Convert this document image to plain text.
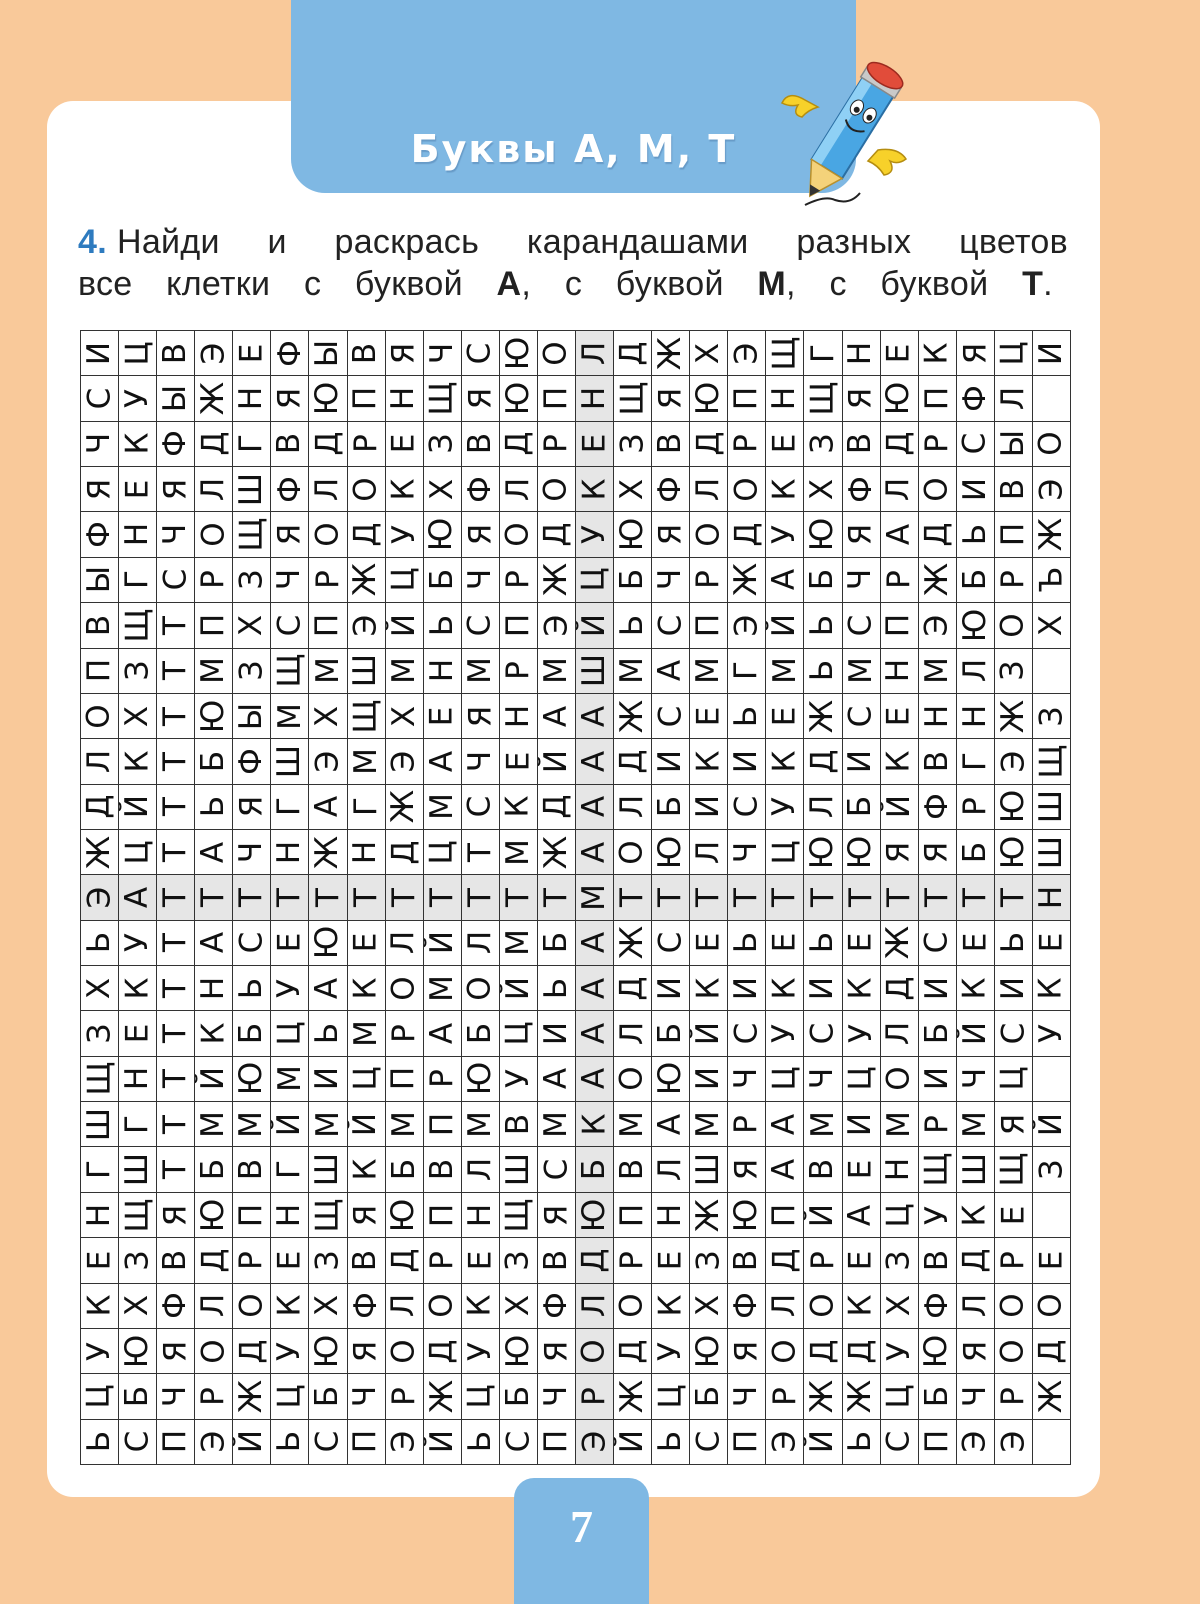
Буквы А, М, Т
4. Найди и раскрась карандашами разных цветов
все клетки с буквой А, с буквой М, с буквой Т.
И Ц В Э Е Ф Ы В Я Ч С Ю О Л Д Ж Х Э Щ Г Н Е К Я Ц И
С У Ы Ж Н Я Ю П Н Щ Я Ю П Н Щ Я Ю П Н Щ Я Ю П Ф Л
Ч К Ф Д Г В Д Р Е З В Д Р Е З В Д Р Е З В Д Р С Ы О
Я Е Я Л Ш Ф Л О К Х Ф Л О К Х Ф Л О К Х Ф Л О И В Э
Ф Н Ч О Щ Я О Д У Ю Я О Д У Ю Я О Д У Ю Я А Д Ь П Ж
Ы Г С Р З Ч Р Ж Ц Б Ч Р Ж Ц Б Ч Р Ж А Б Ч Р Ж Б Р Ъ
В Щ Т П Х С П Э Й Ь С П Э Й Ь С П Э Й Ь С П Э Ю О Х
П З Т М З Щ М Ш М Н М Р М Ш М А М Г М Ь М Н М Л З
О Х Т Ю Ы М Х Щ Х Е Я Н А А Ж С Е Ь Е Ж С Е Н Н Ж З
Л К Т Б Ф Ш Э М Э А Ч Е Й А Д И К И К Д И К В Г Э Щ
Д Й Т Ь Я Г А Г Ж М С К Д А Л Б И С У Л Б Й Ф Р Ю Ш
Ж Ц Т А Ч Н Ж Н Д Ц Т М Ж А О Ю Л Ч Ц Ю Ю Я Я Б Ю Ш
Э А Т Т Т Т Т Т Т Т Т Т Т М Т Т Т Т Т Т Т Т Т Т Т Н
Ь У Т А С Е Ю Е Л Й Л М Б А Ж С Е Ь Е Ь Е Ж С Е Ь Е
Х К Т Н Ь У А К О М О Й Ь А Д И К И К И К Д И К И К
З Е Т К Б Ц Ь М Р А Б Ц И А Л Б Й С У С У Л Б Й С У
Щ Н Т Й Ю М И Ц П Р Ю У А А О Ю И Ч Ц Ч Ц О И Ч Ц
Ш Г Т М М Й М Й М П М В М К М А М Р А М И М Р М Я Й
Г Ш Т Б В Г Ш К Б В Л Ш С Б В Л Ш Я А В Е Н Щ Ш Щ З
Н Щ Я Ю П Н Щ Я Ю П Н Щ Я Ю П Н Ж Ю П Й А Ц У К Е
Е З В Д Р Е З В Д Р Е З В Д Р Е З В Д Р Е З В Д Р Е
К Х Ф Л О К Х Ф Л О К Х Ф Л О К Х Ф Л О К Х Ф Л О О
У Ю Я О Д У Ю Я О Д У Ю Я О Д У Ю Я О Д Д У Ю Я О Д
Ц Б Ч Р Ж Ц Б Ч Р Ж Ц Б Ч Р Ж Ц Б Ч Р Ж Ж Ц Б Ч Р Ж
Ь С П Э Й Ь С П Э Й Ь С П Э Й Ь С П Э Й Ь С П Э Э
7
